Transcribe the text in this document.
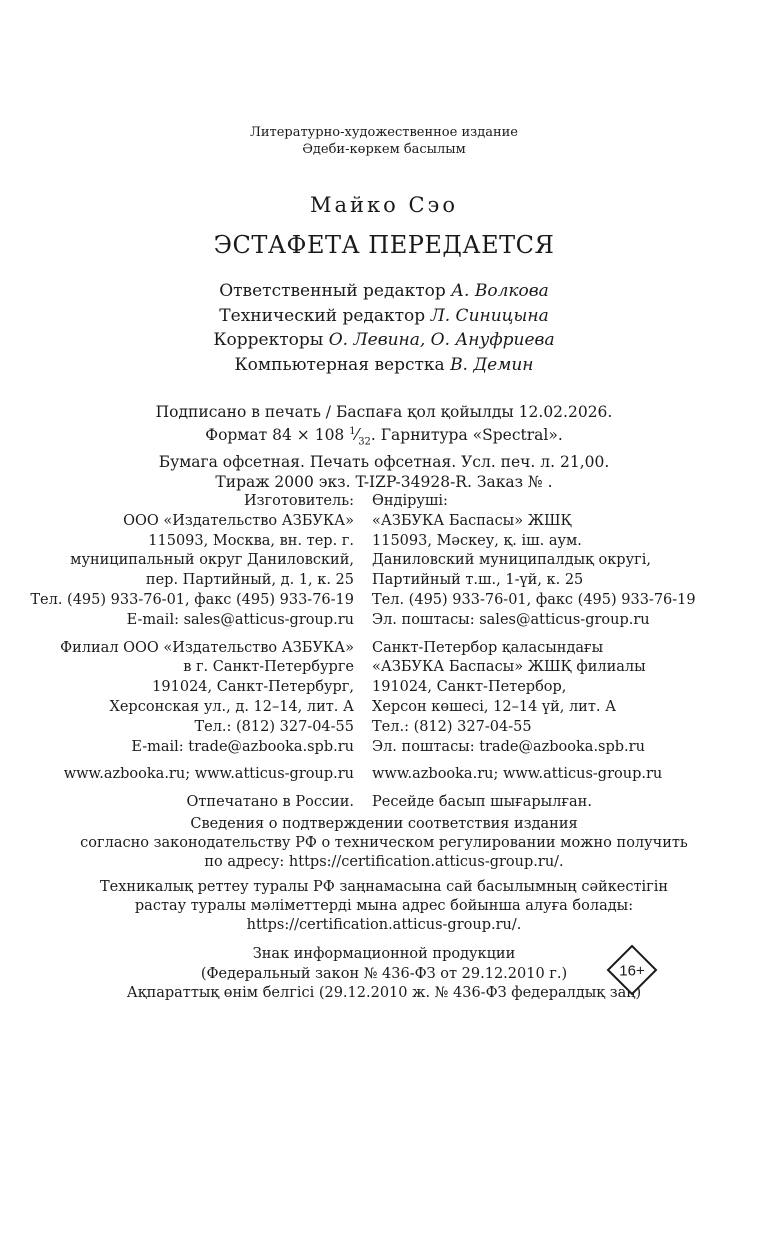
Литературно-художественное издание
Әдеби-көркем басылым
Майко Сэо
ЭСТАФЕТА ПЕРЕДАЕТСЯ
Ответственный редактор А. Волкова
Технический редактор Л. Синицына
Корректоры О. Левина, О. Ануфриева
Компьютерная верстка В. Демин
Подписано в печать / Баспаға қол қойылды 12.02.2026.
Формат 84 × 108 $^1⁄_{32}$. Гарнитура «Spectral».
Бумага офсетная. Печать офсетная. Усл. печ. л. 21,00.
Тираж 2000 экз. T-IZP-34928-R. Заказ № .
Изготовитель:
ООО «Издательство АЗБУКА»
115093, Москва, вн. тер. г.
муниципальный округ Даниловский,
пер. Партийный, д. 1, к. 25
Тел. (495) 933-76-01, факс (495) 933-76-19
E-mail: sales@atticus-group.ru
Филиал ООО «Издательство АЗБУКА»
в г. Санкт-Петербурге
191024, Санкт-Петербург,
Херсонская ул., д. 12–14, лит. А
Тел.: (812) 327-04-55
E-mail: trade@azbooka.spb.ru
www.azbooka.ru; www.atticus-group.ru
Отпечатано в России.
Өндіруші:
«АЗБУКА Баспасы» ЖШҚ
115093, Мәскеу, қ. іш. аум.
Даниловский муниципалдық округі,
Партийный т.ш., 1-үй, к. 25
Тел. (495) 933-76-01, факс (495) 933-76-19
Эл. поштасы: sales@atticus-group.ru
Санкт-Петербор қаласындағы
«АЗБУКА Баспасы» ЖШҚ филиалы
191024, Санкт-Петербор,
Херсон көшесі, 12–14 үй, лит. А
Тел.: (812) 327-04-55
Эл. поштасы: trade@azbooka.spb.ru
www.azbooka.ru; www.atticus-group.ru
Ресейде басып шығарылған.
Сведения о подтверждении соответствия издания
согласно законодательству РФ о техническом регулировании можно получить
по адресу: https://certification.atticus-group.ru/.
Техникалық реттеу туралы РФ заңнамасына сай басылымның сәйкестігін
растау туралы мәліметтерді мына адрес бойынша алуға болады:
https://certification.atticus-group.ru/.
Знак информационной продукции
(Федеральный закон № 436-ФЗ от 29.12.2010 г.)
Ақпараттық өнім белгісі (29.12.2010 ж. № 436-ФЗ федералдық заң)
16+
